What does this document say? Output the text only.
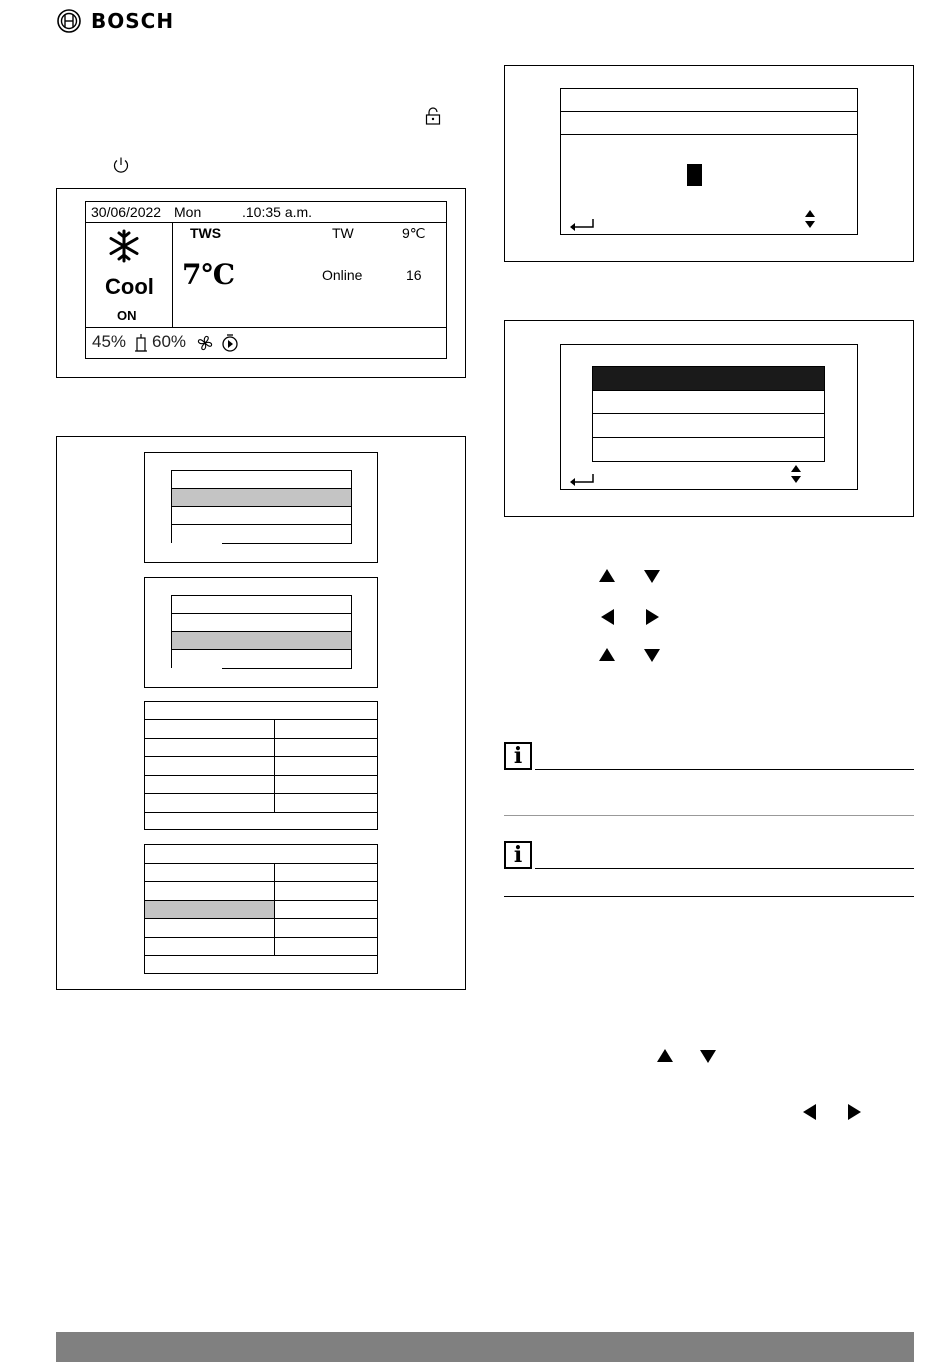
BOSCH
30/06/2022 Mon	.10:35 a.m.
Cool
ON
TWS	TW	9℃
7℃	Online	16
45% 60%
i
i
